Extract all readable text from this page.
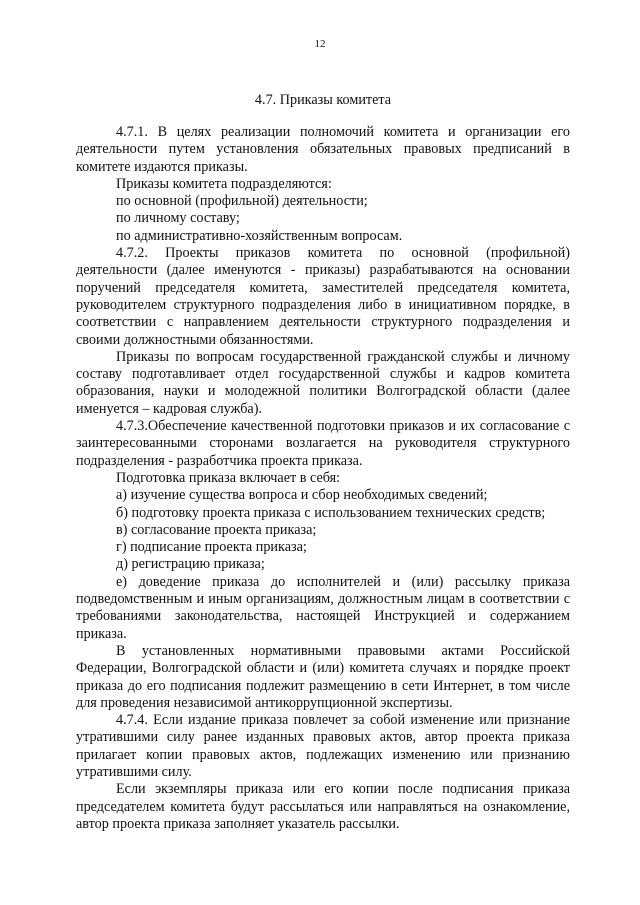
12
4.7. Приказы комитета

4.7.1. В целях реализации полномочий комитета и организации его деятельности путем установления обязательных правовых предписаний в комитете издаются приказы.

Приказы комитета подразделяются:

по основной (профильной) деятельности;

по личному составу;

по административно-хозяйственным вопросам.

4.7.2. Проекты приказов комитета по основной (профильной) деятельности (далее именуются - приказы) разрабатываются на основании поручений председателя комитета, заместителей председателя комитета, руководителем структурного подразделения либо в инициативном порядке, в соответствии с направлением деятельности структурного подразделения и своими должностными обязанностями.

Приказы по вопросам государственной гражданской службы и личному составу подготавливает отдел государственной службы и кадров комитета образования, науки и молодежной политики Волгоградской области (далее именуется – кадровая служба).

4.7.3.Обеспечение качественной подготовки приказов и их согласование с заинтересованными сторонами возлагается на руководителя структурного подразделения - разработчика проекта приказа.

Подготовка приказа включает в себя:

а) изучение существа вопроса и сбор необходимых сведений;

б) подготовку проекта приказа с использованием технических средств;

в) согласование проекта приказа;

г) подписание проекта приказа;

д) регистрацию приказа;

е) доведение приказа до исполнителей и (или) рассылку приказа подведомственным и иным организациям, должностным лицам в соответствии с требованиями законодательства, настоящей Инструкцией и содержанием приказа.

В установленных нормативными правовыми актами Российской Федерации, Волгоградской области и (или) комитета случаях и порядке проект приказа до его подписания подлежит размещению в сети Интернет, в том числе для проведения независимой антикоррупционной экспертизы.

4.7.4. Если издание приказа повлечет за собой изменение или признание утратившими силу ранее изданных правовых актов, автор проекта приказа прилагает копии правовых актов, подлежащих изменению или признанию утратившими силу.

Если экземпляры приказа или его копии после подписания приказа председателем комитета будут рассылаться или направляться на ознакомление, автор проекта приказа заполняет указатель рассылки.
